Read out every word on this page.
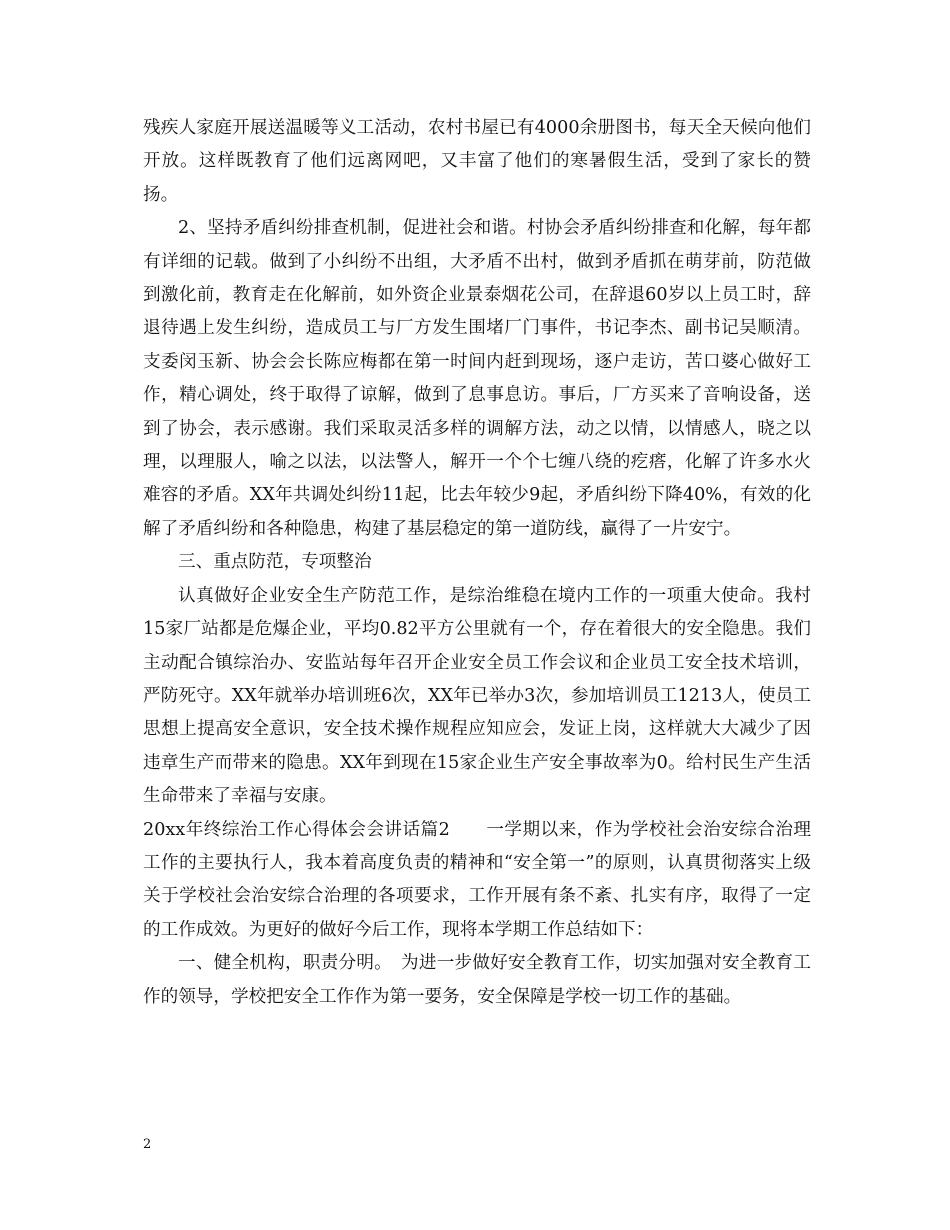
残疾人家庭开展送温暖等义工活动，农村书屋已有4000余册图书，每天全天候向他们开放。这样既教育了他们远离网吧，又丰富了他们的寒暑假生活，受到了家长的赞扬。

2、坚持矛盾纠纷排查机制，促进社会和谐。村协会矛盾纠纷排查和化解，每年都有详细的记载。做到了小纠纷不出组，大矛盾不出村，做到矛盾抓在萌芽前，防范做到激化前，教育走在化解前，如外资企业景泰烟花公司，在辞退60岁以上员工时，辞退待遇上发生纠纷，造成员工与厂方发生围堵厂门事件，书记李杰、副书记吴顺清。支委闵玉新、协会会长陈应梅都在第一时间内赶到现场，逐户走访，苦口婆心做好工作，精心调处，终于取得了谅解，做到了息事息访。事后，厂方买来了音响设备，送到了协会，表示感谢。我们采取灵活多样的调解方法，动之以情，以情感人，晓之以理，以理服人，喻之以法，以法警人，解开一个个七缠八绕的疙瘩，化解了许多水火难容的矛盾。XX年共调处纠纷11起，比去年较少9起，矛盾纠纷下降40%，有效的化解了矛盾纠纷和各种隐患，构建了基层稳定的第一道防线，赢得了一片安宁。

三、重点防范，专项整治

认真做好企业安全生产防范工作，是综治维稳在境内工作的一项重大使命。我村15家厂站都是危爆企业，平均0.82平方公里就有一个，存在着很大的安全隐患。我们主动配合镇综治办、安监站每年召开企业安全员工作会议和企业员工安全技术培训，严防死守。XX年就举办培训班6次，XX年已举办3次，参加培训员工1213人，使员工思想上提高安全意识，安全技术操作规程应知应会，发证上岗，这样就大大减少了因违章生产而带来的隐患。XX年到现在15家企业生产安全事故率为0。给村民生产生活生命带来了幸福与安康。

20xx年终综治工作心得体会会讲话篇2　　一学期以来，作为学校社会治安综合治理工作的主要执行人，我本着高度负责的精神和“安全第一”的原则，认真贯彻落实上级关于学校社会治安综合治理的各项要求，工作开展有条不紊、扎实有序，取得了一定的工作成效。为更好的做好今后工作，现将本学期工作总结如下：

一、健全机构，职责分明。　为进一步做好安全教育工作，切实加强对安全教育工作的领导，学校把安全工作作为第一要务，安全保障是学校一切工作的基础。

2
